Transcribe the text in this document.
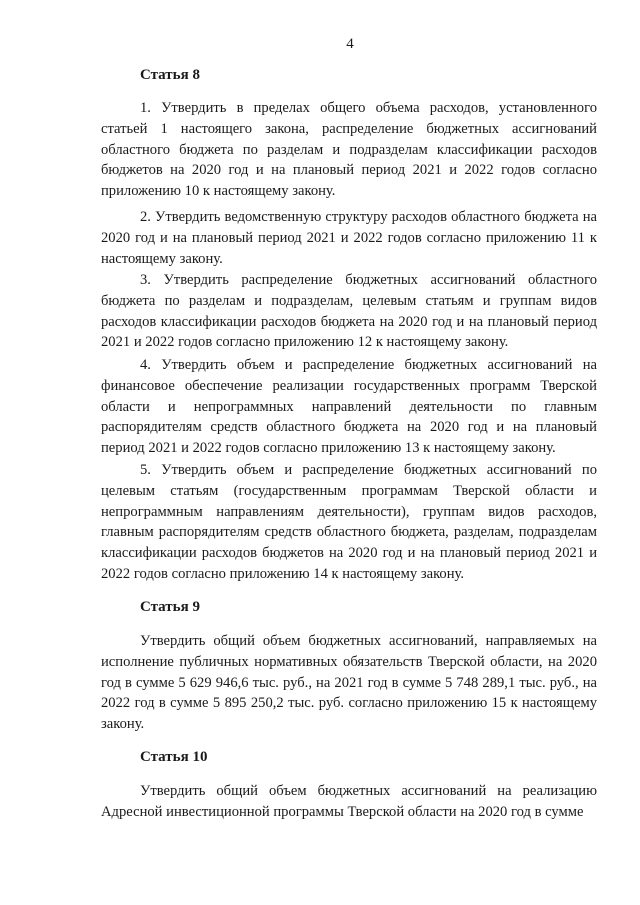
4
Статья 8

1. Утвердить в пределах общего объема расходов, установленного статьей 1 настоящего закона, распределение бюджетных ассигнований областного бюджета по разделам и подразделам классификации расходов бюджетов на 2020 год и на плановый период 2021 и 2022 годов согласно приложению 10 к настоящему закону.

2. Утвердить ведомственную структуру расходов областного бюджета на 2020 год и на плановый период 2021 и 2022 годов согласно приложению 11 к настоящему закону.

3. Утвердить распределение бюджетных ассигнований областного бюджета по разделам и подразделам, целевым статьям и группам видов расходов классификации расходов бюджета на 2020 год и на плановый период 2021 и 2022 годов согласно приложению 12 к настоящему закону.

4. Утвердить объем и распределение бюджетных ассигнований на финансовое обеспечение реализации государственных программ Тверской области и непрограммных направлений деятельности по главным распорядителям средств областного бюджета на 2020 год и на плановый период 2021 и 2022 годов согласно приложению 13 к настоящему закону.

5. Утвердить объем и распределение бюджетных ассигнований по целевым статьям (государственным программам Тверской области и непрограммным направлениям деятельности), группам видов расходов, главным распорядителям средств областного бюджета, разделам, подразделам классификации расходов бюджетов на 2020 год и на плановый период 2021 и 2022 годов согласно приложению 14 к настоящему закону.

Статья 9

Утвердить общий объем бюджетных ассигнований, направляемых на исполнение публичных нормативных обязательств Тверской области, на 2020 год в сумме 5 629 946,6 тыс. руб., на 2021 год в сумме 5 748 289,1 тыс. руб., на 2022 год в сумме 5 895 250,2 тыс. руб. согласно приложению 15 к настоящему закону.

Статья 10

Утвердить общий объем бюджетных ассигнований на реализацию Адресной инвестиционной программы Тверской области на 2020 год в сумме
